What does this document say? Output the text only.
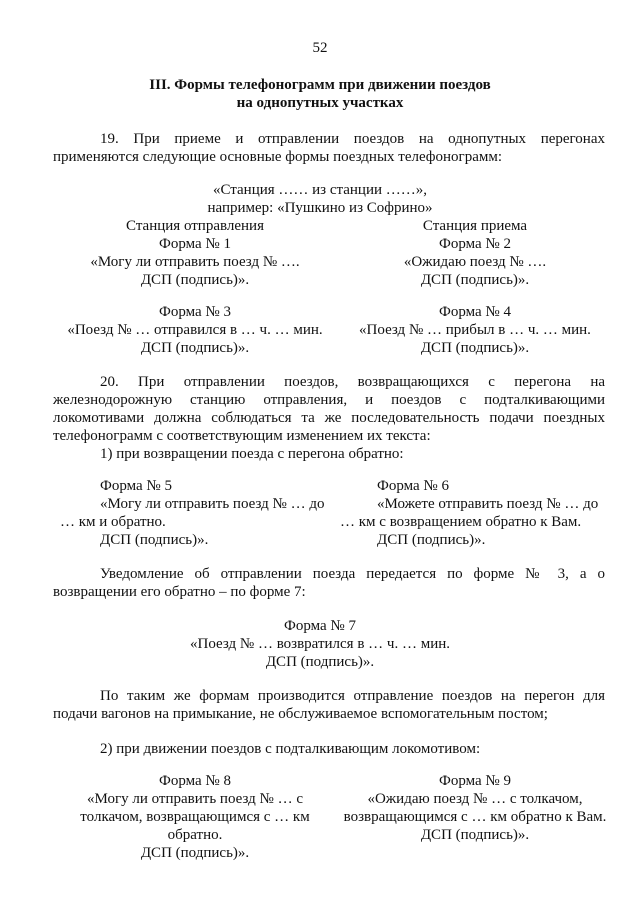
52
III. Формы телефонограмм при движении поездов
на однопутных участках
19. При приеме и отправлении поездов на однопутных перегонах
применяются следующие основные формы поездных телефонограмм:
«Станция …… из станции ……»,
например: «Пушкино из Софрино»
Станция отправления	Станция приема
Форма № 1
«Могу ли отправить поезд № ….
ДСП (подпись)».
Форма № 2
«Ожидаю поезд № ….
ДСП (подпись)».
Форма № 3
«Поезд № … отправился в … ч. … мин.
ДСП (подпись)».
Форма № 4
«Поезд № … прибыл в … ч. … мин.
ДСП (подпись)».
20. При отправлении поездов, возвращающихся с перегона на
железнодорожную станцию отправления, и поездов с подталкивающими
локомотивами должна соблюдаться та же последовательность подачи поездных
телефонограмм с соответствующим изменением их текста:
1) при возвращении поезда с перегона обратно:
Форма № 5
«Могу ли отправить поезд № … до
… км и обратно.
ДСП (подпись)».
Форма № 6
«Можете отправить поезд № … до
… км с возвращением обратно к Вам.
ДСП (подпись)».
Уведомление об отправлении поезда передается по форме № 3, а о
возвращении его обратно – по форме 7:
Форма № 7
«Поезд № … возвратился в … ч. … мин.
ДСП (подпись)».
По таким же формам производится отправление поездов на перегон для
подачи вагонов на примыкание, не обслуживаемое вспомогательным постом;
2) при движении поездов с подталкивающим локомотивом:
Форма № 8
«Могу ли отправить поезд № … с
толкачом, возвращающимся с … км
обратно.
ДСП (подпись)».
Форма № 9
«Ожидаю поезд № … с толкачом,
возвращающимся с … км обратно к Вам.
ДСП (подпись)».
